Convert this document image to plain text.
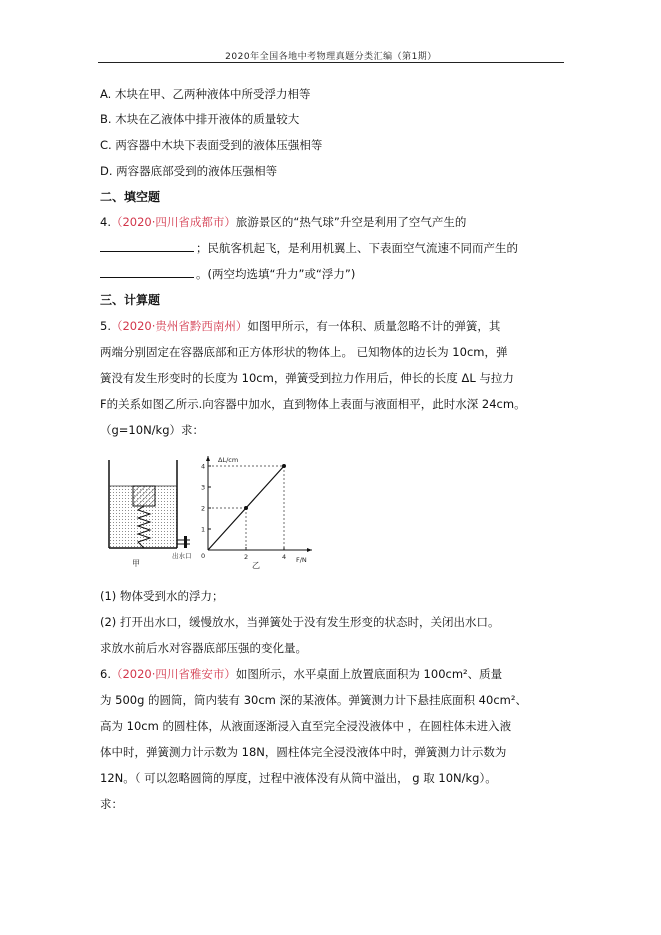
2020年全国各地中考物理真题分类汇编（第1期）
A. 木块在甲、乙两种液体中所受浮力相等
B. 木块在乙液体中排开液体的质量较大
C. 两容器中木块下表面受到的液体压强相等
D. 两容器底部受到的液体压强相等
二、填空题
4.（2020·四川省成都市）旅游景区的“热气球”升空是利用了空气产生的
；民航客机起飞，是利用机翼上、下表面空气流速不同而产生的
。(两空均选填“升力”或“浮力”)
三、计算题
5.（2020·贵州省黔西南州）如图甲所示，有一体积、质量忽略不计的弹簧，其
两端分别固定在容器底部和正方体形状的物体上。 已知物体的边长为 10cm，弹
簧没有发生形变时的长度为 10cm，弹簧受到拉力作用后，伸长的长度 ΔL 与拉力
F的关系如图乙所示.向容器中加水，直到物体上表面与液面相平，此时水深 24cm。
（g=10N/kg）求：
出水口
甲
ΔL/cm
F/N
0
乙
2	4
1
2
3
4
(1) 物体受到水的浮力；
(2) 打开出水口，缓慢放水，当弹簧处于没有发生形变的状态时，关闭出水口。
求放水前后水对容器底部压强的变化量。
6.（2020·四川省雅安市）如图所示，水平桌面上放置底面积为 100cm²、质量
为 500g 的圆筒，筒内装有 30cm 深的某液体。弹簧测力计下悬挂底面积 40cm²、
高为 10cm 的圆柱体，从液面逐渐浸入直至完全浸没液体中 ，在圆柱体未进入液
体中时，弹簧测力计示数为 18N，圆柱体完全浸没液体中时，弹簧测力计示数为
12N。（ 可以忽略圆筒的厚度，过程中液体没有从筒中溢出， g 取 10N/kg）。
求：
